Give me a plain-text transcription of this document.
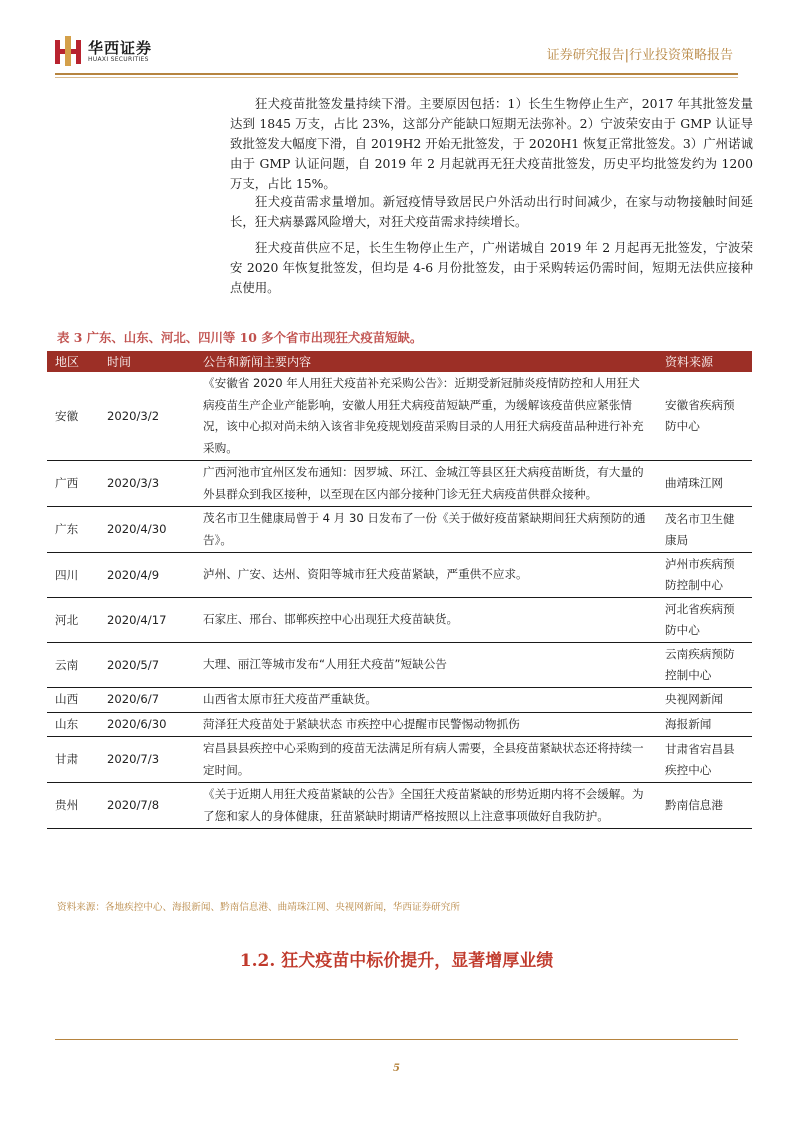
华西证券
HUAXI SECURITIES	证券研究报告|行业投资策略报告

狂犬疫苗批签发量持续下滑。主要原因包括：1）长生生物停止生产，2017 年其批签发量达到 1845 万支，占比 23%，这部分产能缺口短期无法弥补。2）宁波荣安由于 GMP 认证导致批签发大幅度下滑，自 2019H2 开始无批签发，于 2020H1 恢复正常批签发。3）广州诺诚由于 GMP 认证问题，自 2019 年 2 月起就再无狂犬疫苗批签发，历史平均批签发约为 1200 万支，占比 15%。

狂犬疫苗需求量增加。新冠疫情导致居民户外活动出行时间减少，在家与动物接触时间延长，狂犬病暴露风险增大，对狂犬疫苗需求持续增长。

狂犬疫苗供应不足，长生生物停止生产，广州诺城自 2019 年 2 月起再无批签发，宁波荣安 2020 年恢复批签发，但均是 4-6 月份批签发，由于采购转运仍需时间，短期无法供应接种点使用。

表 3 广东、山东、河北、四川等 10 多个省市出现狂犬疫苗短缺。
地区	时间	公告和新闻主要内容	资料来源
安徽	2020/3/2	《安徽省 2020 年人用狂犬疫苗补充采购公告》：近期受新冠肺炎疫情防控和人用狂犬病疫苗生产企业产能影响，安徽人用狂犬病疫苗短缺严重，为缓解该疫苗供应紧张情况，该中心拟对尚未纳入该省非免疫规划疫苗采购目录的人用狂犬病疫苗品种进行补充采购。	安徽省疾病预防中心
广西	2020/3/3	广西河池市宜州区发布通知：因罗城、环江、金城江等县区狂犬病疫苗断货，有大量的外县群众到我区接种，以至现在区内部分接种门诊无狂犬病疫苗供群众接种。	曲靖珠江网
广东	2020/4/30	茂名市卫生健康局曾于 4 月 30 日发布了一份《关于做好疫苗紧缺期间狂犬病预防的通告》。	茂名市卫生健康局
四川	2020/4/9	泸州、广安、达州、资阳等城市狂犬疫苗紧缺，严重供不应求。	泸州市疾病预防控制中心
河北	2020/4/17	石家庄、邢台、邯郸疾控中心出现狂犬疫苗缺货。	河北省疾病预防中心
云南	2020/5/7	大理、丽江等城市发布“人用狂犬疫苗”短缺公告	云南疾病预防控制中心
山西	2020/6/7	山西省太原市狂犬疫苗严重缺货。	央视网新闻
山东	2020/6/30	菏泽狂犬疫苗处于紧缺状态 市疾控中心提醒市民警惕动物抓伤	海报新闻
甘肃	2020/7/3	宕昌县县疾控中心采购到的疫苗无法满足所有病人需要，全县疫苗紧缺状态还将持续一定时间。	甘肃省宕昌县疾控中心
贵州	2020/7/8	《关于近期人用狂犬疫苗紧缺的公告》全国狂犬疫苗紧缺的形势近期内将不会缓解。为了您和家人的身体健康，狂苗紧缺时期请严格按照以上注意事项做好自我防护。	黔南信息港
资料来源：各地疾控中心、海报新闻、黔南信息港、曲靖珠江网、央视网新闻，华西证券研究所
1.2. 狂犬疫苗中标价提升，显著增厚业绩
5
